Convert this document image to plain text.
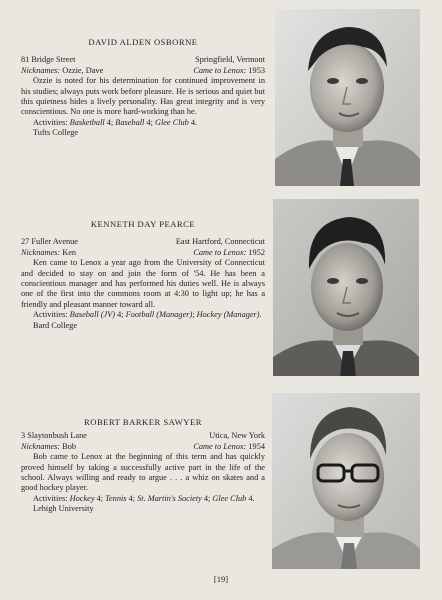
DAVID ALDEN OSBORNE
81 Bridge Street	Springfield, Vermont
Nicknames: Ozzie, Dave	Came to Lenox: 1953
Ozzie is noted for his determination for continued improvement in his studies; always puts work before pleasure. He is serious and quiet but this quietness hides a lively personality. Has great integrity and is very conscientious. No one is more hard-working than he.
Activities: Basketball 4; Baseball 4; Glee Club 4.
Tufts College
KENNETH DAY PEARCE
27 Fuller Avenue	East Hartford, Connecticut
Nicknames: Ken	Came to Lenox: 1952
Ken came to Lenox a year ago from the University of Connecticut and decided to stay on and join the form of '54. He has been a conscientious manager and has performed his duties well. He is always one of the first into the commons room at 4:30 to light up; he has a friendly and pleasant manner toward all.
Activities: Baseball (JV) 4; Football (Manager); Hockey (Manager).
Bard College
ROBERT BARKER SAWYER
3 Slaytonbush Lane	Utica, New York
Nicknames: Bob	Came to Lenox: 1954
Bob came to Lenox at the beginning of this term and has quickly proved himself by taking a successfully active part in the life of the school. Always willing and ready to argue . . . a whiz on skates and a good hockey player.
Activities: Hockey 4; Tennis 4; St. Martin's Society 4; Glee Club 4.
Lehigh University
[19]
